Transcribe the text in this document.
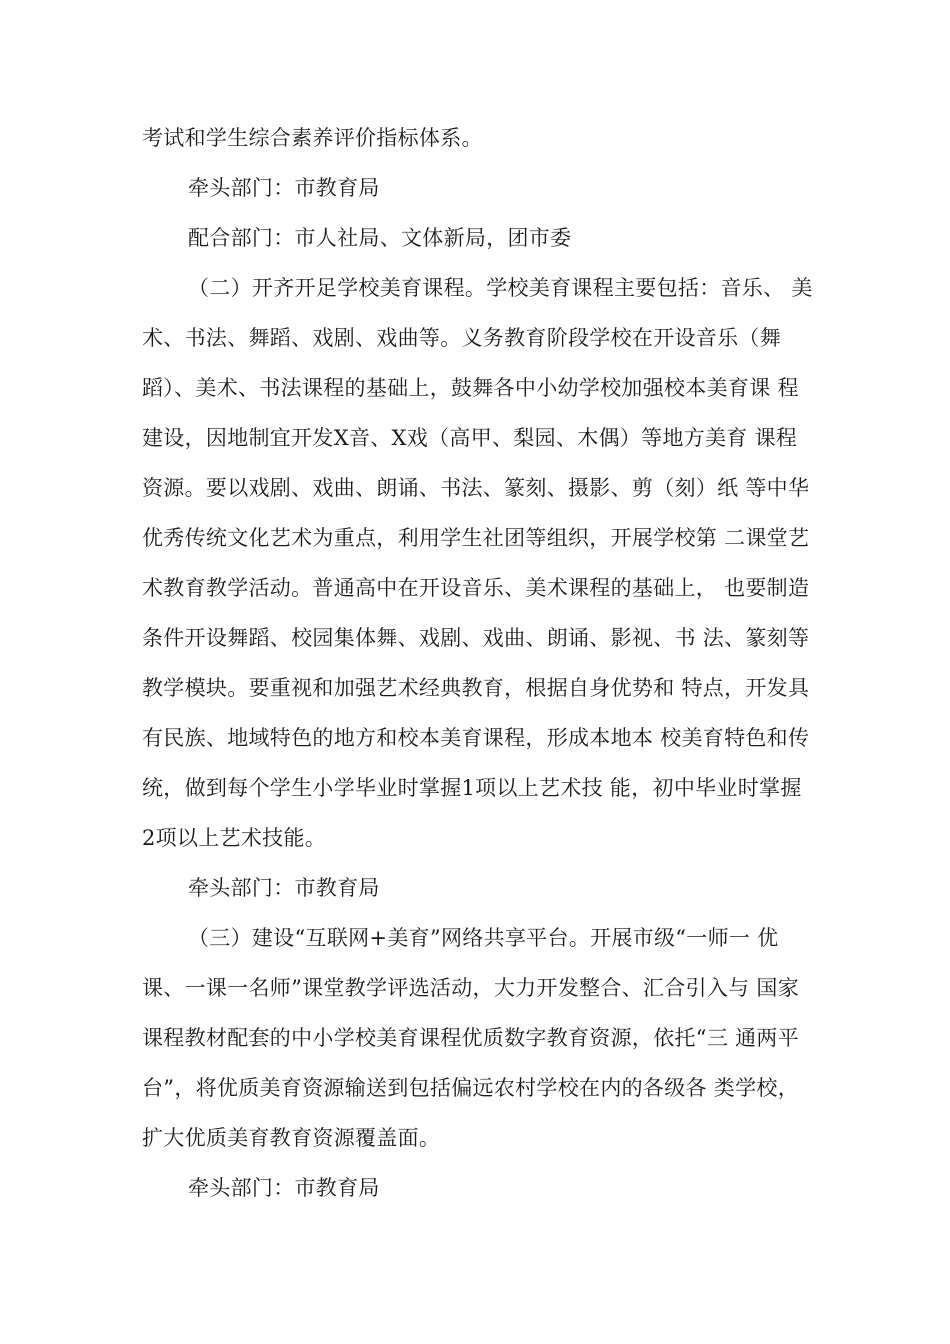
考试和学生综合素养评价指标体系。
牵头部门：市教育局
配合部门：市人社局、文体新局，团市委
（二）开齐开足学校美育课程。学校美育课程主要包括：音乐、 美
术、书法、舞蹈、戏剧、戏曲等。义务教育阶段学校在开设音乐（舞
蹈）、美术、书法课程的基础上，鼓舞各中小幼学校加强校本美育课 程
建设，因地制宜开发X音、X戏（高甲、梨园、木偶）等地方美育 课程
资源。要以戏剧、戏曲、朗诵、书法、篆刻、摄影、剪（刻）纸 等中华
优秀传统文化艺术为重点，利用学生社团等组织，开展学校第 二课堂艺
术教育教学活动。普通高中在开设音乐、美术课程的基础上， 也要制造
条件开设舞蹈、校园集体舞、戏剧、戏曲、朗诵、影视、书 法、篆刻等
教学模块。要重视和加强艺术经典教育，根据自身优势和 特点，开发具
有民族、地域特色的地方和校本美育课程，形成本地本 校美育特色和传
统，做到每个学生小学毕业时掌握1项以上艺术技 能，初中毕业时掌握
2项以上艺术技能。
牵头部门：市教育局
（三）建设“互联网+美育”网络共享平台。开展市级“一师一 优
课、一课一名师”课堂教学评选活动，大力开发整合、汇合引入与 国家
课程教材配套的中小学校美育课程优质数字教育资源，依托“三 通两平
台”，将优质美育资源输送到包括偏远农村学校在内的各级各 类学校，
扩大优质美育教育资源覆盖面。
牵头部门：市教育局
